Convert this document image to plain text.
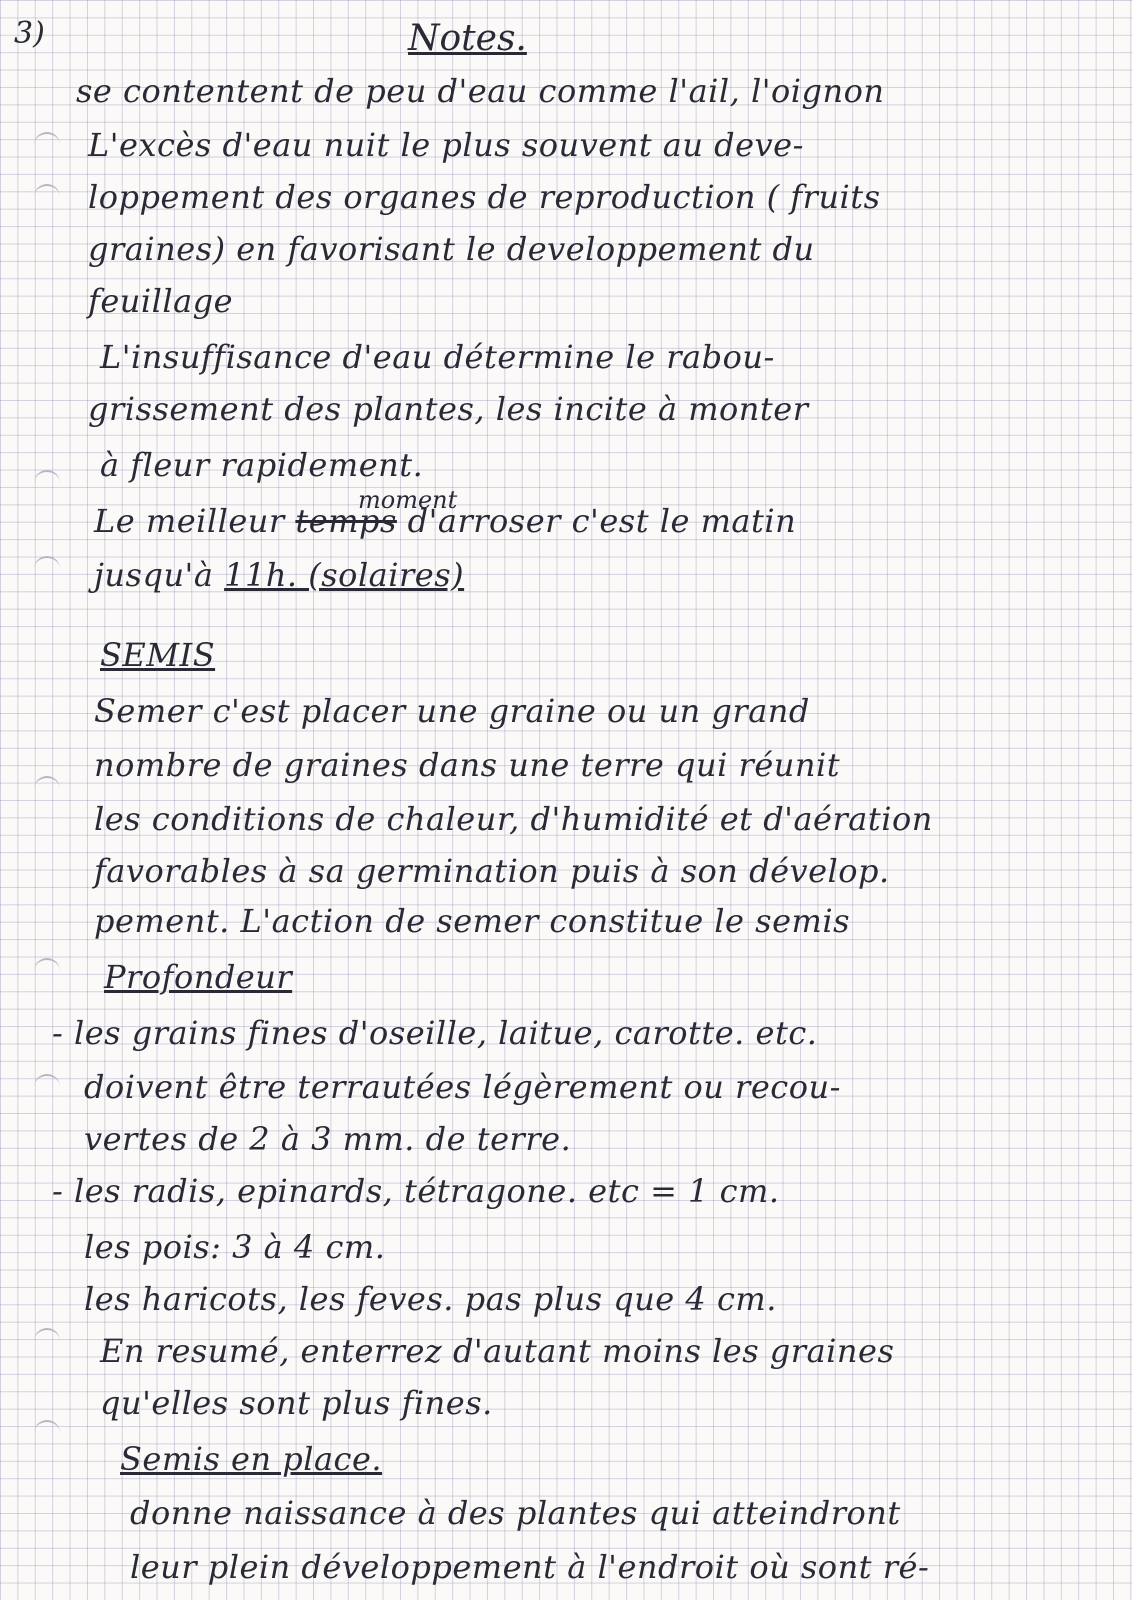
3)	Notes.
se contentent de peu d'eau comme l'ail, l'oignon
L'excès d'eau nuit le plus souvent au deve-
loppement des organes de reproduction ( fruits
graines) en favorisant le developpement du
feuillage
L'insuffisance d'eau détermine le rabou-
grissement des plantes, les incite à monter
à fleur rapidement.
moment
Le meilleur temps d'arroser c'est le matin
jusqu'à 11h. (solaires)
SEMIS
Semer c'est placer une graine ou un grand
nombre de graines dans une terre qui réunit
les conditions de chaleur, d'humidité et d'aération
favorables à sa germination puis à son dévelop.
pement. L'action de semer constitue le semis
Profondeur
- les grains fines d'oseille, laitue, carotte. etc.
doivent être terrautées légèrement ou recou-
vertes de 2 à 3 mm. de terre.
- les radis, epinards, tétragone. etc = 1 cm.
les pois: 3 à 4 cm.
les haricots, les feves. pas plus que 4 cm.
En resumé, enterrez d'autant moins les graines
qu'elles sont plus fines.
Semis en place.
donne naissance à des plantes qui atteindront
leur plein développement à l'endroit où sont ré-
